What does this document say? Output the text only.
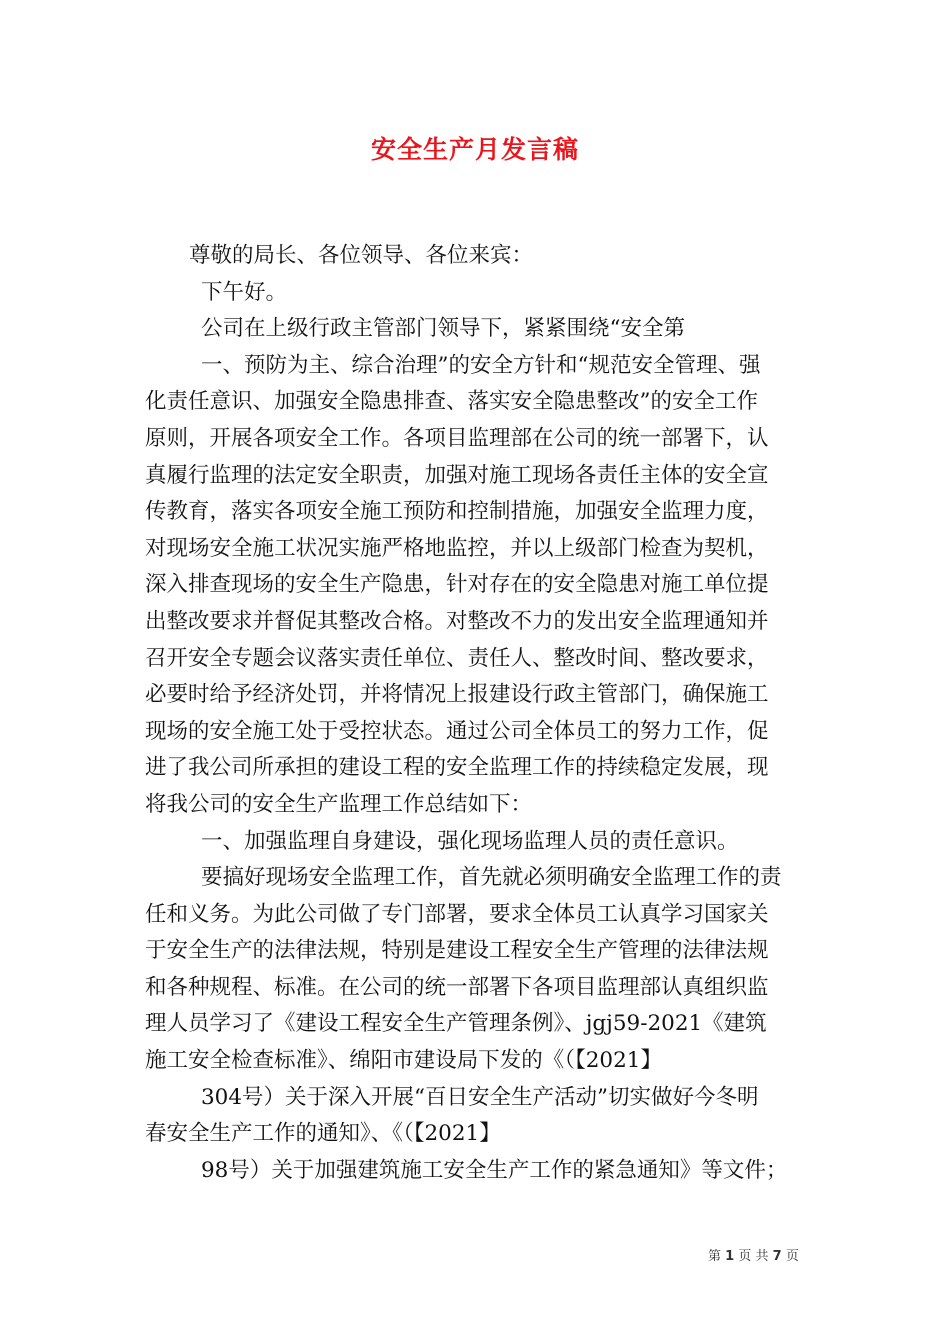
安全生产月发言稿
尊敬的局长、各位领导、各位来宾：
下午好。
公司在上级行政主管部门领导下，紧紧围绕“安全第
一、预防为主、综合治理”的安全方针和“规范安全管理、强
化责任意识、加强安全隐患排查、落实安全隐患整改”的安全工作
原则，开展各项安全工作。各项目监理部在公司的统一部署下，认
真履行监理的法定安全职责，加强对施工现场各责任主体的安全宣
传教育，落实各项安全施工预防和控制措施，加强安全监理力度，
对现场安全施工状况实施严格地监控，并以上级部门检查为契机，
深入排查现场的安全生产隐患，针对存在的安全隐患对施工单位提
出整改要求并督促其整改合格。对整改不力的发出安全监理通知并
召开安全专题会议落实责任单位、责任人、整改时间、整改要求，
必要时给予经济处罚，并将情况上报建设行政主管部门，确保施工
现场的安全施工处于受控状态。通过公司全体员工的努力工作，促
进了我公司所承担的建设工程的安全监理工作的持续稳定发展，现
将我公司的安全生产监理工作总结如下：
一、加强监理自身建设，强化现场监理人员的责任意识。
要搞好现场安全监理工作，首先就必须明确安全监理工作的责
任和义务。为此公司做了专门部署，要求全体员工认真学习国家关
于安全生产的法律法规，特别是建设工程安全生产管理的法律法规
和各种规程、标准。在公司的统一部署下各项目监理部认真组织监
理人员学习了《建设工程安全生产管理条例》、jgj59-2021《建筑
施工安全检查标准》、绵阳市建设局下发的《（【2021】
304号）关于深入开展“百日安全生产活动”切实做好今冬明
春安全生产工作的通知》、《（【2021】
98号）关于加强建筑施工安全生产工作的紧急通知》等文件；
第 1 页 共 7 页
